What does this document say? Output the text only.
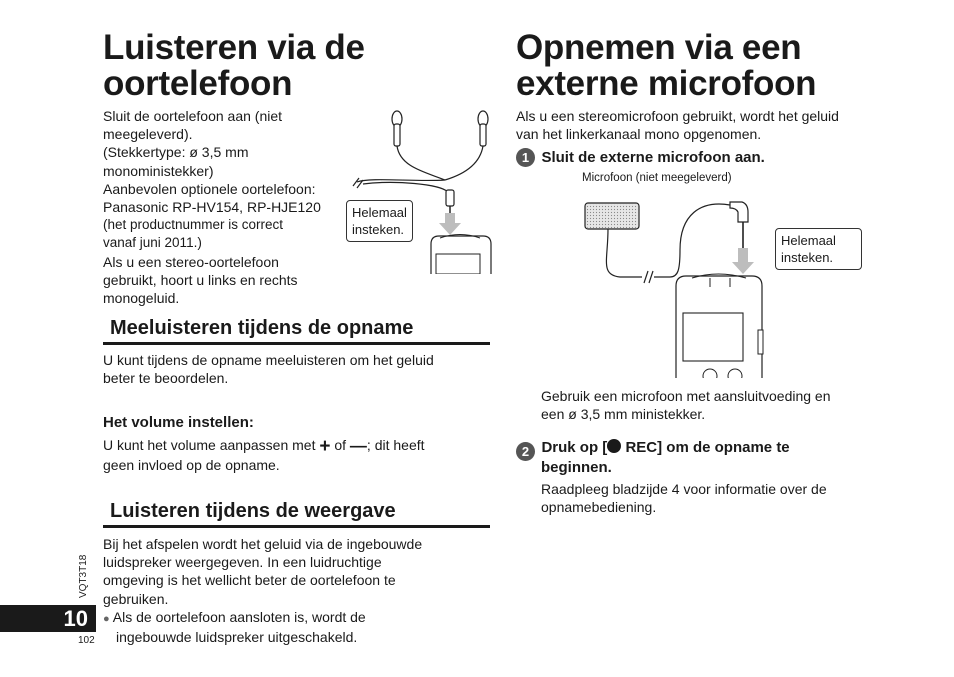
Luisteren via de
oortelefoon
Sluit de oortelefoon aan (niet
meegeleverd).
(Stekkertype: ø 3,5 mm
monoministekker)
Aanbevolen optionele oortelefoon:
Panasonic RP-HV154, RP-HJE120
(het productnummer is correct
vanaf juni 2011.)
Als u een stereo-oortelefoon
gebruikt, hoort u links en rechts
monogeluid.
Helemaal
insteken.
Meeluisteren tijdens de opname
U kunt tijdens de opname meeluisteren om het geluid
beter te beoordelen.
Het volume instellen:
U kunt het volume aanpassen met + of —; dit heeft
geen invloed op de opname.
Luisteren tijdens de weergave
Bij het afspelen wordt het geluid via de ingebouwde
luidspreker weergegeven. In een luidruchtige
omgeving is het wellicht beter de oortelefoon te
gebruiken.
● Als de oortelefoon aansloten is, wordt de
ingebouwde luidspreker uitgeschakeld.
VQT3T18
10
102
Opnemen via een
externe microfoon
Als u een stereomicrofoon gebruikt, wordt het geluid
van het linkerkanaal mono opgenomen.
1 Sluit de externe microfoon aan.
Microfoon (niet meegeleverd)
Helemaal
insteken.
Gebruik een microfoon met aansluitvoeding en
een ø 3,5 mm ministekker.
2 Druk op [ REC] om de opname te
beginnen.
Raadpleeg bladzijde 4 voor informatie over de
opnamebediening.
